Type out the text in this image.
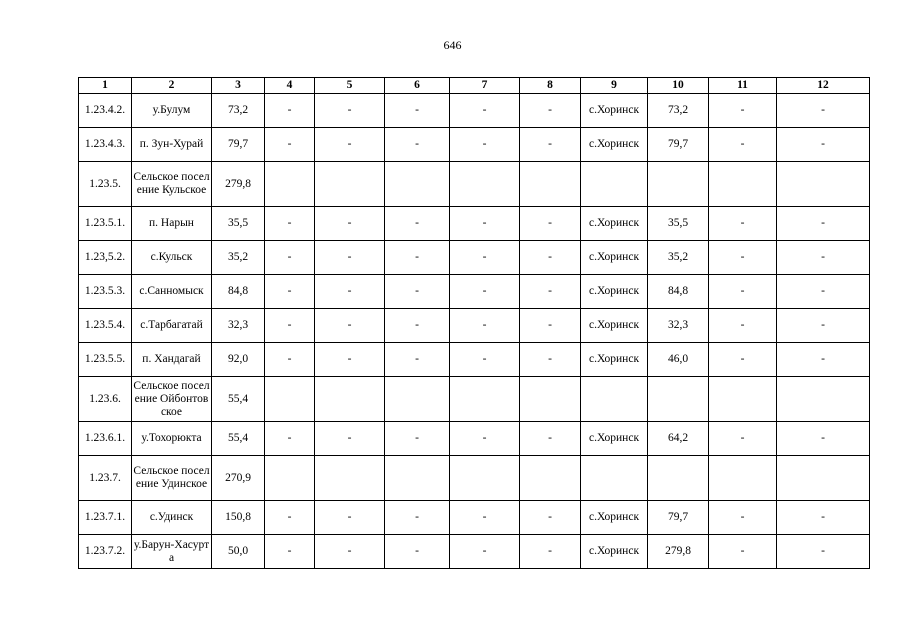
646
1	2	3	4	5	6	7	8	9	10	11	12
1.23.4.2.	у.Булум	73,2	-	-	-	-	-	с.Хоринск	73,2	-	-
1.23.4.3.	п. Зун-Хурай	79,7	-	-	-	-	-	с.Хоринск	79,7	-	-
1.23.5.	Сельское поселение Кульское	279,8									
1.23.5.1.	п. Нарын	35,5	-	-	-	-	-	с.Хоринск	35,5	-	-
1.23,5.2.	с.Кульск	35,2	-	-	-	-	-	с.Хоринск	35,2	-	-
1.23.5.3.	с.Санномыск	84,8	-	-	-	-	-	с.Хоринск	84,8	-	-
1.23.5.4.	с.Тарбагатай	32,3	-	-	-	-	-	с.Хоринск	32,3	-	-
1.23.5.5.	п. Хандагай	92,0	-	-	-	-	-	с.Хоринск	46,0	-	-
1.23.6.	Сельское поселение Ойбонтовское	55,4									
1.23.6.1.	у.Тохорюкта	55,4	-	-	-	-	-	с.Хоринск	64,2	-	-
1.23.7.	Сельское поселение Удинское	270,9									
1.23.7.1.	с.Удинск	150,8	-	-	-	-	-	с.Хоринск	79,7	-	-
1.23.7.2.	у.Барун-Хасурта	50,0	-	-	-	-	-	с.Хоринск	279,8	-	-
